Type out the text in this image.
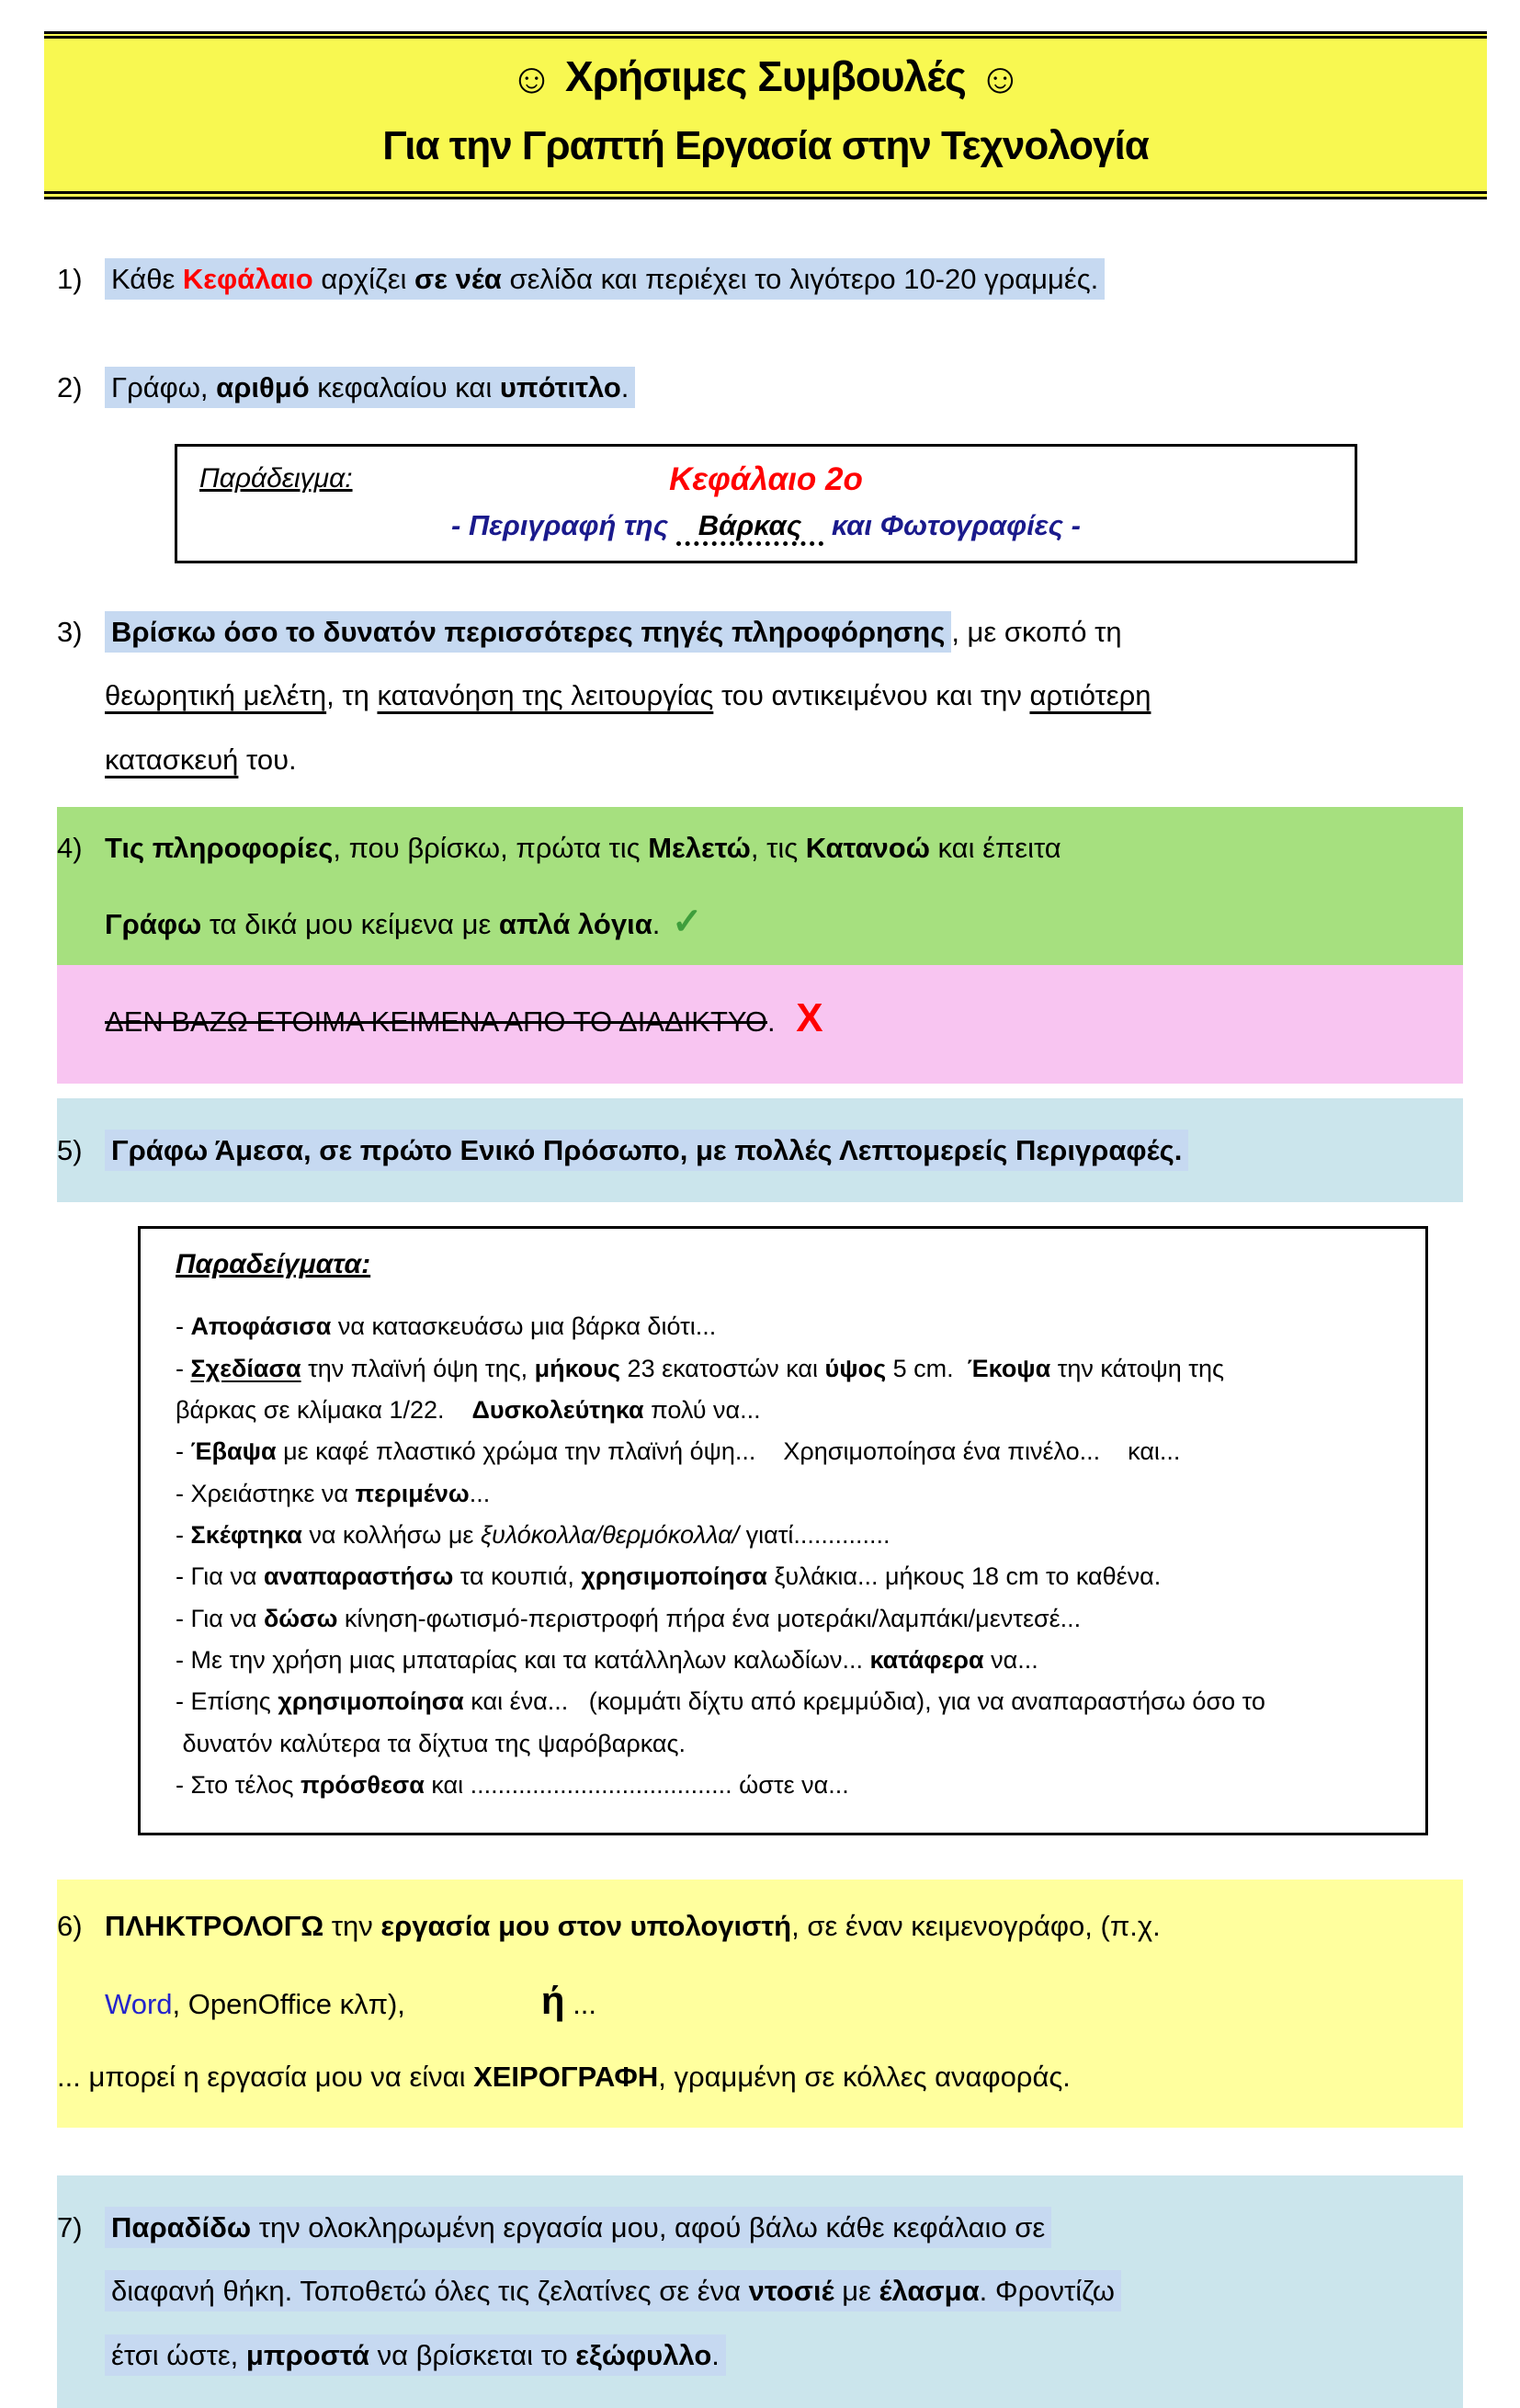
☺ Χρήσιμες Συμβουλές ☺
Για την Γραπτή Εργασία στην Τεχνολογία
1)	Κάθε Κεφάλαιο αρχίζει σε νέα σελίδα και περιέχει το λιγότερο 10-20 γραμμές.
2)	Γράφω, αριθμό κεφαλαίου και υπότιτλο.
Παράδειγμα:	Κεφάλαιο 2ο
- Περιγραφή της Βάρκας και Φωτογραφίες -
3)	Βρίσκω όσο το δυνατόν περισσότερες πηγές πληροφόρησης , με σκοπό τη
θεωρητική μελέτη, τη κατανόηση της λειτουργίας του αντικειμένου και την αρτιότερη
κατασκευή του.
4) Τις πληροφορίες, που βρίσκω, πρώτα τις Μελετώ, τις Κατανοώ και έπειτα
Γράφω τα δικά μου κείμενα με απλά λόγια. ✓
ΔΕΝ ΒΑΖΩ ΕΤΟΙΜΑ ΚΕΙΜΕΝΑ ΑΠΟ ΤΟ ΔΙΑΔΙΚΤΥΟ. Χ
5)	Γράφω Άμεσα, σε πρώτο Ενικό Πρόσωπο, με πολλές Λεπτομερείς Περιγραφές.
Παραδείγματα:
- Αποφάσισα να κατασκευάσω μια βάρκα διότι...
- Σχεδίασα την πλαϊνή όψη της, μήκους 23 εκατοστών και ύψος 5 cm.  Έκοψα την κάτοψη της
βάρκας σε κλίμακα 1/22.    Δυσκολεύτηκα πολύ να...
- Έβαψα με καφέ πλαστικό χρώμα την πλαϊνή όψη...    Χρησιμοποίησα ένα πινέλο...    και...
- Χρειάστηκε να περιμένω...
- Σκέφτηκα να κολλήσω με ξυλόκολλα/θερμόκολλα/ γιατί..............
- Για να αναπαραστήσω τα κουπιά, χρησιμοποίησα ξυλάκια... μήκους 18 cm το καθένα.
- Για να δώσω κίνηση-φωτισμό-περιστροφή πήρα ένα μοτεράκι/λαμπάκι/μεντεσέ...
- Με την χρήση μιας μπαταρίας και τα κατάλληλων καλωδίων... κατάφερα να...
- Επίσης χρησιμοποίησα και ένα...   (κομμάτι δίχτυ από κρεμμύδια), για να αναπαραστήσω όσο το
δυνατόν καλύτερα τα δίχτυα της ψαρόβαρκας.
- Στο τέλος πρόσθεσα και ...................................... ώστε να...
6) ΠΛΗΚΤΡΟΛΟΓΩ την εργασία μου στον υπολογιστή, σε έναν κειμενογράφο, (π.χ.
Word, OpenOffice κλπ),	ή ...
... μπορεί η εργασία μου να είναι ΧΕΙΡΟΓΡΑΦΗ, γραμμένη σε κόλλες αναφοράς.
7)	Παραδίδω την ολοκληρωμένη εργασία μου, αφού βάλω κάθε κεφάλαιο σε
διαφανή θήκη. Τοποθετώ όλες τις ζελατίνες σε ένα ντοσιέ με έλασμα. Φροντίζω
έτσι ώστε, μπροστά να βρίσκεται το εξώφυλλο.
